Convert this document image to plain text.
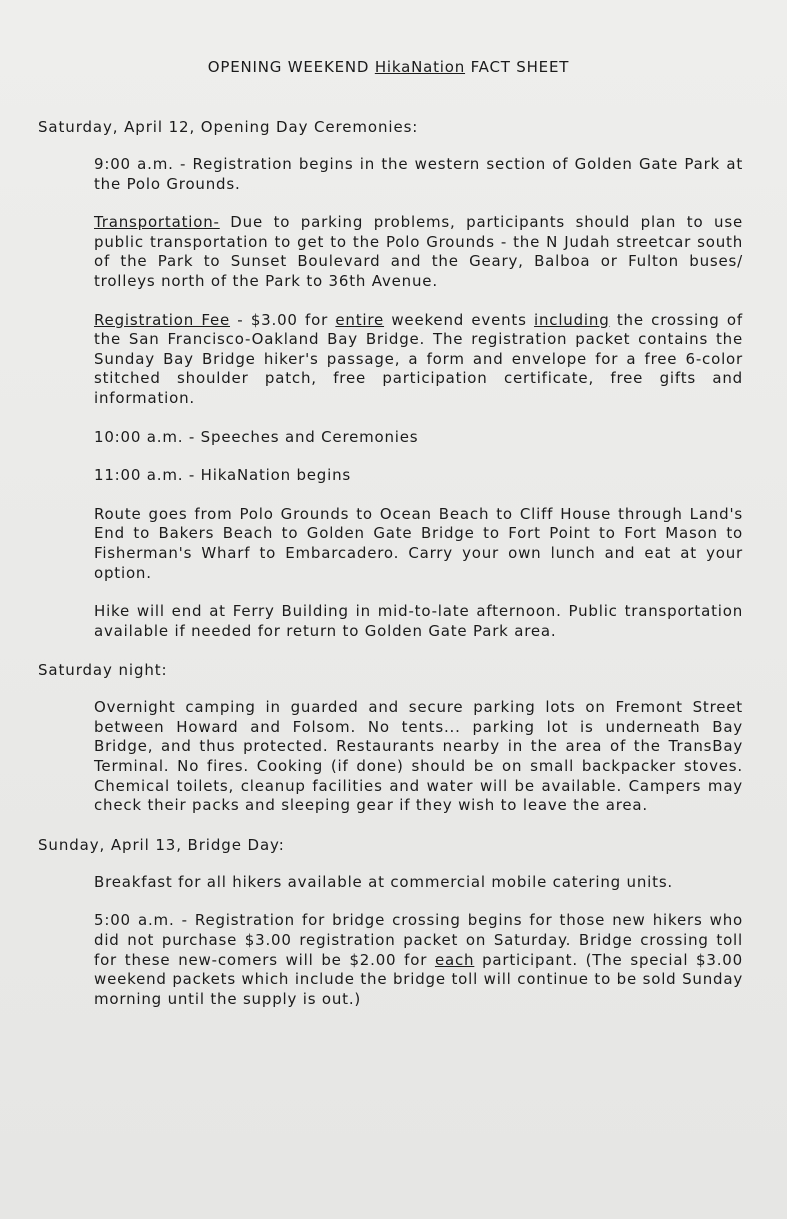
OPENING WEEKEND HikaNation FACT SHEET
Saturday, April 12, Opening Day Ceremonies:
9:00 a.m. - Registration begins in the western section of Golden Gate Park at the Polo Grounds.
Transportation- Due to parking problems, participants should plan to use public transportation to get to the Polo Grounds - the N Judah streetcar south of the Park to Sunset Boulevard and the Geary, Balboa or Fulton buses/ trolleys north of the Park to 36th Avenue.
Registration Fee - $3.00 for entire weekend events including the crossing of the San Francisco-Oakland Bay Bridge. The registration packet contains the Sunday Bay Bridge hiker's passage, a form and envelope for a free 6-color stitched shoulder patch, free participation certificate, free gifts and information.
10:00 a.m. - Speeches and Ceremonies
11:00 a.m. - HikaNation begins
Route goes from Polo Grounds to Ocean Beach to Cliff House through Land's End to Bakers Beach to Golden Gate Bridge to Fort Point to Fort Mason to Fisherman's Wharf to Embarcadero. Carry your own lunch and eat at your option.
Hike will end at Ferry Building in mid-to-late afternoon. Public transportation available if needed for return to Golden Gate Park area.
Saturday night:
Overnight camping in guarded and secure parking lots on Fremont Street between Howard and Folsom. No tents... parking lot is underneath Bay Bridge, and thus protected. Restaurants nearby in the area of the TransBay Terminal. No fires. Cooking (if done) should be on small backpacker stoves. Chemical toilets, cleanup facilities and water will be available. Campers may check their packs and sleeping gear if they wish to leave the area.
Sunday, April 13, Bridge Day:
Breakfast for all hikers available at commercial mobile catering units.
5:00 a.m. - Registration for bridge crossing begins for those new hikers who did not purchase $3.00 registration packet on Saturday. Bridge crossing toll for these new-comers will be $2.00 for each participant. (The special $3.00 weekend packets which include the bridge toll will continue to be sold Sunday morning until the supply is out.)
